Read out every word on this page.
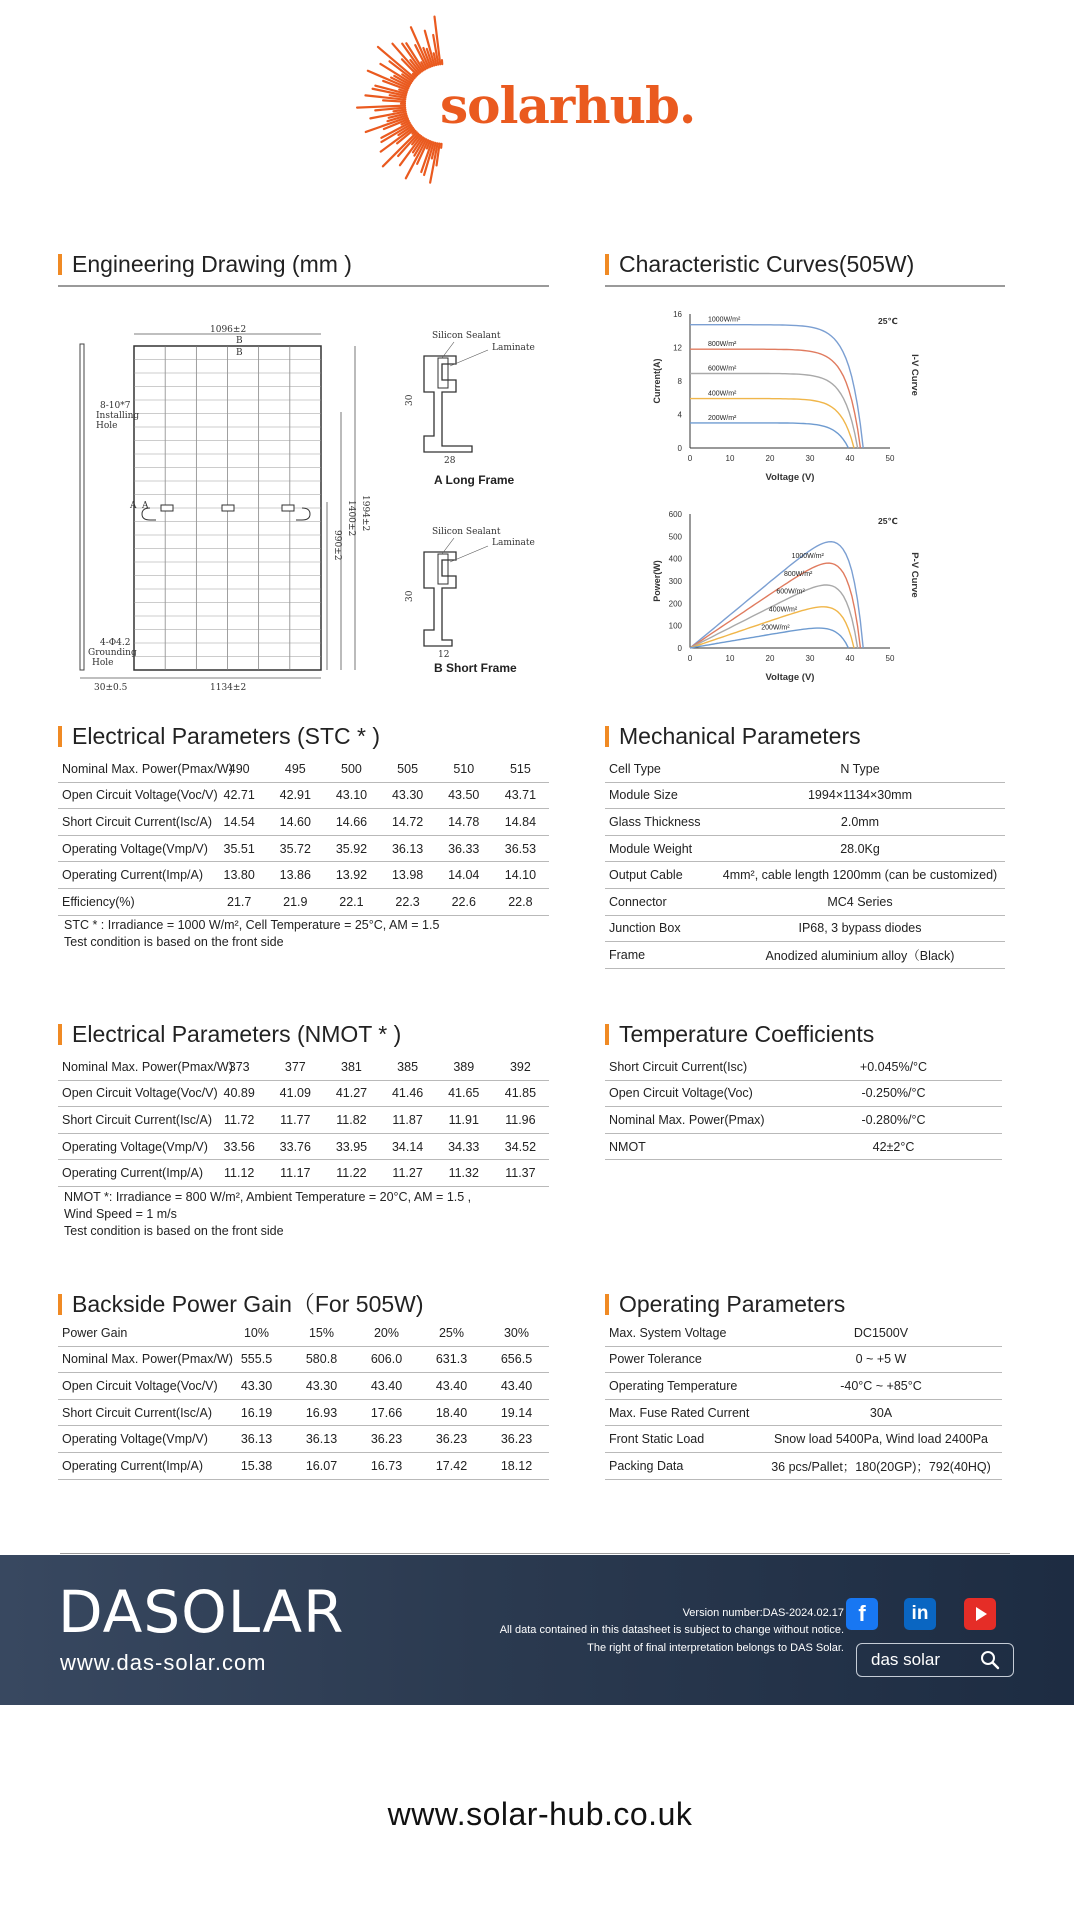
solarhub.
Engineering Drawing (mm )	Characteristic Curves(505W)
1096±2
B
B
A A
990±2
1400±2 1994±2
8-10*7
Installing
Hole
4-Φ4.2
Grounding
Hole
30±0.5	1134±2
Silicon Sealant
Laminate
30
28
Silicon Sealant
Laminate
30
12
A Long Frame
B Short Frame
0	10	20	30	40	50
0
4
8
12
16
Voltage (V)
Current(A)	I-V Curve
25℃
1000W/m²
800W/m²
600W/m²
400W/m²
200W/m²
0	10	20	30	40	50
0
100
200
300
400
500
600
Voltage (V)
Power(W)	P-V Curve
25℃
1000W/m²
800W/m²
600W/m²
400W/m²
200W/m²
Electrical Parameters (STC * )	Mechanical Parameters
Nominal Max. Power(Pmax/W)	490	495	500	505	510	515
Open Circuit Voltage(Voc/V)	42.71	42.91	43.10	43.30	43.50	43.71
Short Circuit Current(Isc/A)	14.54	14.60	14.66	14.72	14.78	14.84
Operating Voltage(Vmp/V)	35.51	35.72	35.92	36.13	36.33	36.53
Operating Current(Imp/A)	13.80	13.86	13.92	13.98	14.04	14.10
Efficiency(%)	21.7	21.9	22.1	22.3	22.6	22.8
STC * : Irradiance = 1000 W/m², Cell Temperature = 25°C, AM = 1.5
Test condition is based on the front side
Cell Type	N Type
Module Size	1994×1134×30mm
Glass Thickness	2.0mm
Module Weight	28.0Kg
Output Cable	4mm², cable length 1200mm (can be customized)
Connector	MC4 Series
Junction Box	IP68, 3 bypass diodes
Frame	Anodized aluminium alloy（Black)
Electrical Parameters (NMOT * )	Temperature Coefficients
Nominal Max. Power(Pmax/W)	373	377	381	385	389	392
Open Circuit Voltage(Voc/V)	40.89	41.09	41.27	41.46	41.65	41.85
Short Circuit Current(Isc/A)	11.72	11.77	11.82	11.87	11.91	11.96
Operating Voltage(Vmp/V)	33.56	33.76	33.95	34.14	34.33	34.52
Operating Current(Imp/A)	11.12	11.17	11.22	11.27	11.32	11.37
NMOT *: Irradiance = 800 W/m², Ambient Temperature = 20°C, AM = 1.5 ,
Wind Speed = 1 m/s
Test condition is based on the front side
Short Circuit Current(Isc)	+0.045%/°C
Open Circuit Voltage(Voc)	-0.250%/°C
Nominal Max. Power(Pmax)	-0.280%/°C
NMOT	42±2°C
Backside Power Gain（For 505W)	Operating Parameters
Power Gain	10%	15%	20%	25%	30%
Nominal Max. Power(Pmax/W)	555.5	580.8	606.0	631.3	656.5
Open Circuit Voltage(Voc/V)	43.30	43.30	43.40	43.40	43.40
Short Circuit Current(Isc/A)	16.19	16.93	17.66	18.40	19.14
Operating Voltage(Vmp/V)	36.13	36.13	36.23	36.23	36.23
Operating Current(Imp/A)	15.38	16.07	16.73	17.42	18.12
Max. System Voltage	DC1500V
Power Tolerance	0 ~ +5 W
Operating Temperature	-40°C ~ +85°C
Max. Fuse Rated Current	30A
Front Static Load	Snow load 5400Pa, Wind load 2400Pa
Packing Data	36 pcs/Pallet；180(20GP)；792(40HQ)
DASOLAR
www.das-solar.com
Version number:DAS-2024.02.17
All data contained in this datasheet is subject to change without notice.
The right of final interpretation belongs to DAS Solar.
f	in
das solar
www.solar-hub.co.uk
